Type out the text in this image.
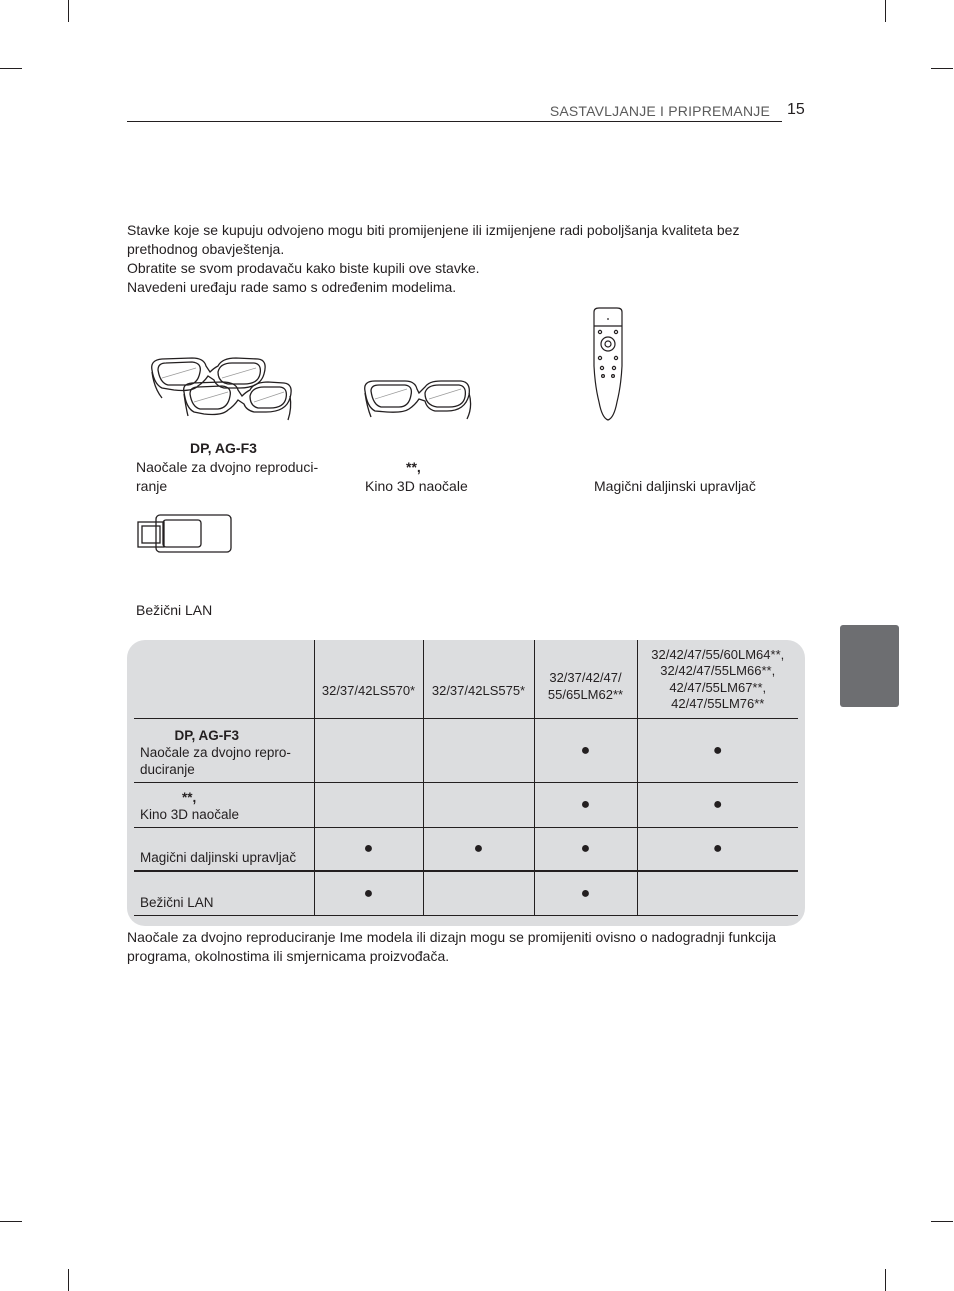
SASTAVLJANJE I PRIPREMANJE 15

Stavke koje se kupuju odvojeno mogu biti promijenjene ili izmijenjene radi poboljšanja kvaliteta bez prethodnog obavještenja.

Obratite se svom prodavaču kako biste kupili ove stavke.

Navedeni uređaju rade samo s određenim modelima.

DP, AG-F3
Naočale za dvojno reproduci-
ranje
**,
Kino 3D naočale	Magični daljinski upravljač
Bežični LAN
	32/37/42LS570*	32/37/42LS575*	32/37/42/47/
55/65LM62**	32/42/47/55/60LM64**,
32/42/47/55LM66**,
42/47/55LM67**,
42/47/55LM76**

DP, AG-F3
Naočale za dvojno repro-
duciranje			●	●

**,
Kino 3D naočale			●	●
Magični daljinski upravljač	●	●	●	●
Bežični LAN	●		●	

Naočale za dvojno reproduciranje Ime modela ili dizajn mogu se promijeniti ovisno o nadogradnji funkcija programa, okolnostima ili smjernicama proizvođača.
